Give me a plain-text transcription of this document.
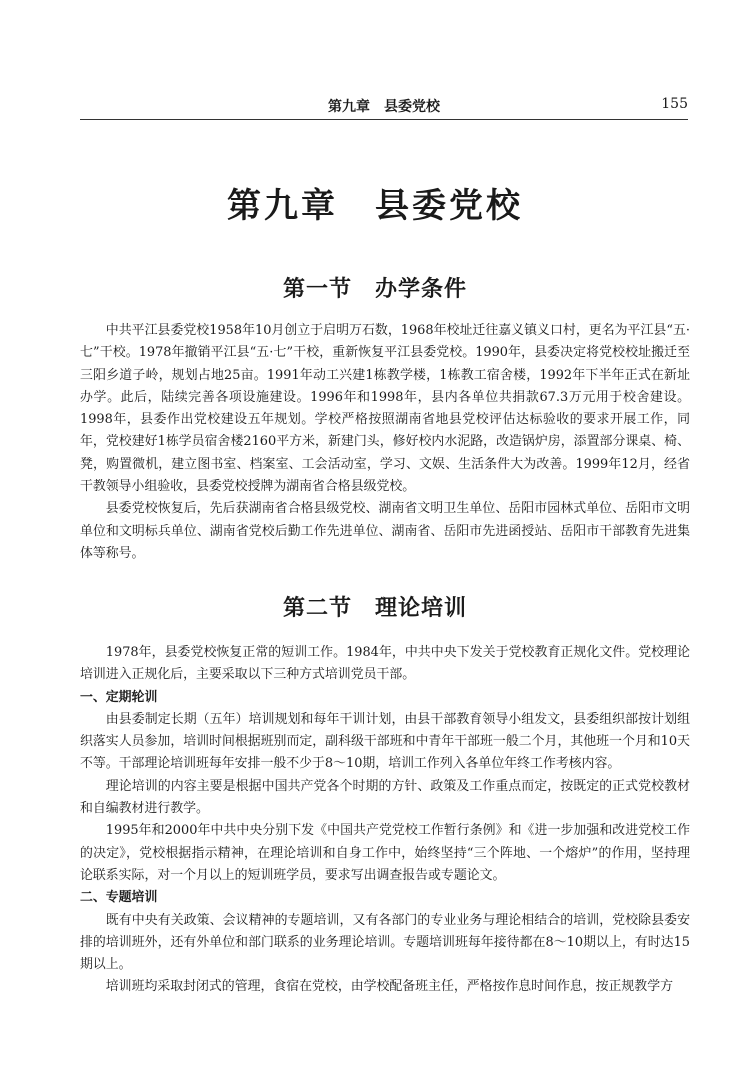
第九章　县委党校	155
第九章　县委党校
第一节　办学条件

中共平江县委党校1958年10月创立于启明万石数，1968年校址迁往嘉义镇义口村，更名为平江县“五·七”干校。1978年撤销平江县“五·七”干校，重新恢复平江县委党校。1990年，县委决定将党校校址搬迁至三阳乡道子岭，规划占地25亩。1991年动工兴建1栋教学楼，1栋教工宿舍楼，1992年下半年正式在新址办学。此后，陆续完善各项设施建设。1996年和1998年，县内各单位共捐款67.3万元用于校舍建设。1998年，县委作出党校建设五年规划。学校严格按照湖南省地县党校评估达标验收的要求开展工作，同年，党校建好1栋学员宿舍楼2160平方米，新建门头，修好校内水泥路，改造锅炉房，添置部分课桌、椅、凳，购置微机，建立图书室、档案室、工会活动室，学习、文娱、生活条件大为改善。1999年12月，经省干教领导小组验收，县委党校授牌为湖南省合格县级党校。

县委党校恢复后，先后获湖南省合格县级党校、湖南省文明卫生单位、岳阳市园林式单位、岳阳市文明单位和文明标兵单位、湖南省党校后勤工作先进单位、湖南省、岳阳市先进函授站、岳阳市干部教育先进集体等称号。

第二节　理论培训

1978年，县委党校恢复正常的短训工作。1984年，中共中央下发关于党校教育正规化文件。党校理论培训进入正规化后，主要采取以下三种方式培训党员干部。

一、定期轮训

由县委制定长期（五年）培训规划和每年干训计划，由县干部教育领导小组发文，县委组织部按计划组织落实人员参加，培训时间根据班别而定，副科级干部班和中青年干部班一般二个月，其他班一个月和10天不等。干部理论培训班每年安排一般不少于8～10期，培训工作列入各单位年终工作考核内容。

理论培训的内容主要是根据中国共产党各个时期的方针、政策及工作重点而定，按既定的正式党校教材和自编教材进行教学。

1995年和2000年中共中央分别下发《中国共产党党校工作暂行条例》和《进一步加强和改进党校工作的决定》，党校根据指示精神，在理论培训和自身工作中，始终坚持“三个阵地、一个熔炉”的作用，坚持理论联系实际，对一个月以上的短训班学员，要求写出调查报告或专题论文。

二、专题培训

既有中央有关政策、会议精神的专题培训，又有各部门的专业业务与理论相结合的培训，党校除县委安排的培训班外，还有外单位和部门联系的业务理论培训。专题培训班每年接待都在8～10期以上，有时达15期以上。

培训班均采取封闭式的管理，食宿在党校，由学校配备班主任，严格按作息时间作息，按正规教学方
